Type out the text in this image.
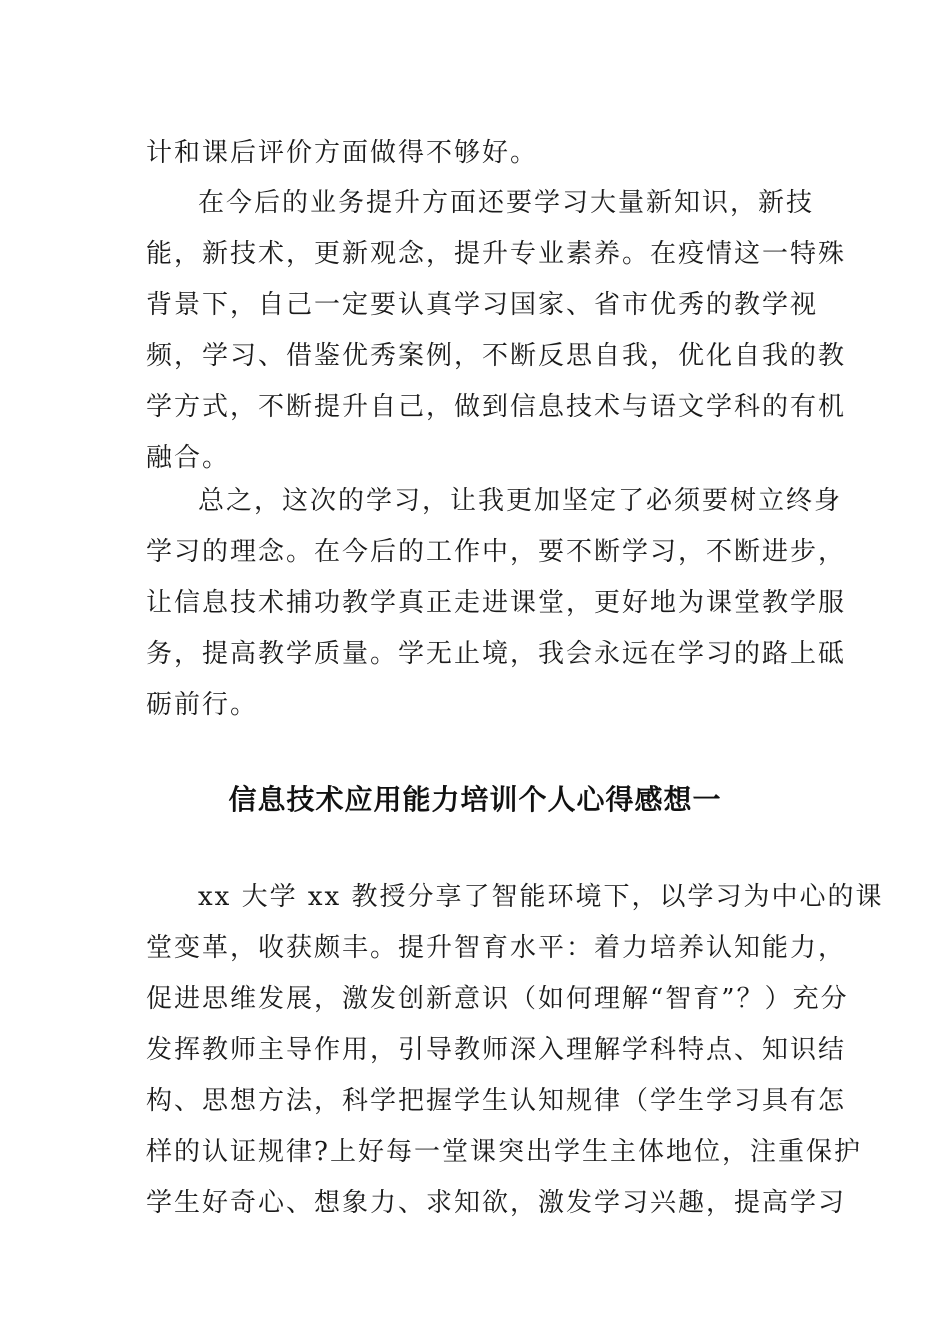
计和课后评价方面做得不够好。
在今后的业务提升方面还要学习大量新知识，新技
能，新技术，更新观念，提升专业素养。在疫情这一特殊
背景下，自己一定要认真学习国家、省市优秀的教学视
频，学习、借鉴优秀案例，不断反思自我，优化自我的教
学方式，不断提升自己，做到信息技术与语文学科的有机
融合。
总之，这次的学习，让我更加坚定了必须要树立终身
学习的理念。在今后的工作中，要不断学习，不断进步，
让信息技术捕功教学真正走进课堂，更好地为课堂教学服
务，提高教学质量。学无止境，我会永远在学习的路上砥
砺前行。
信息技术应用能力培训个人心得感想一
xx 大学 xx 教授分享了智能环境下，以学习为中心的课
堂变革，收获颇丰。提升智育水平：着力培养认知能力，
促进思维发展，激发创新意识（如何理解“智育”？）充分
发挥教师主导作用，引导教师深入理解学科特点、知识结
构、思想方法，科学把握学生认知规律（学生学习具有怎
样的认证规律?上好每一堂课突出学生主体地位，注重保护
学生好奇心、想象力、求知欲，激发学习兴趣，提高学习
